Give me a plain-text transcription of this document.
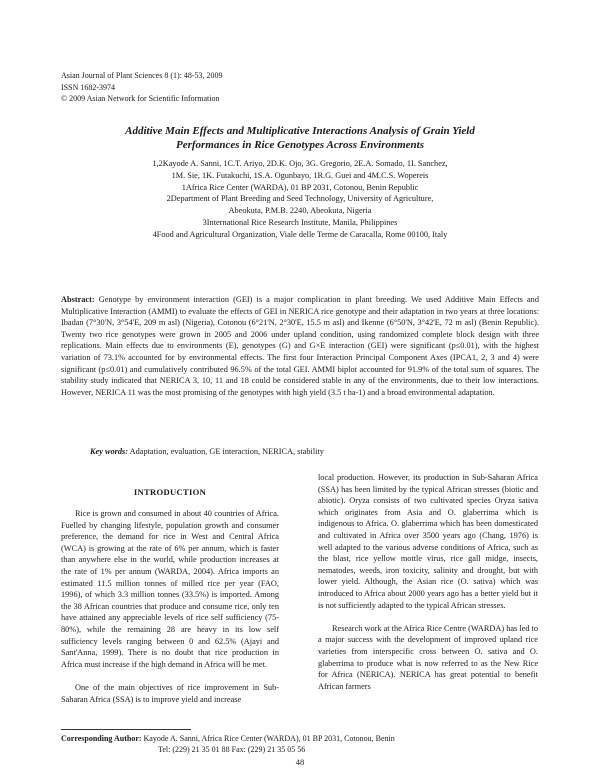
Asian Journal of Plant Sciences 8 (1): 48-53, 2009
ISSN 1682-3974
© 2009 Asian Network for Scientific Information
Additive Main Effects and Multiplicative Interactions Analysis of Grain Yield
Performances in Rice Genotypes Across Environments
1,2Kayode A. Sanni, 1C.T. Ariyo, 2D.K. Ojo, 3G. Gregorio, 2E.A. Somado, 1I. Sanchez,
1M. Sie, 1K. Futakuchi, 1S.A. Ogunbayo, 1R.G. Guei and 4M.C.S. Wopereis
1Africa Rice Center (WARDA), 01 BP 2031, Cotonou, Benin Republic
2Department of Plant Breeding and Seed Technology, University of Agriculture,
Abeokuta, P.M.B. 2240, Abeokuta, Nigeria
3International Rice Research Institute, Manila, Philippines
4Food and Agricultural Organization, Viale delle Terme de Caracalla, Rome 00100, Italy
Abstract: Genotype by environment interaction (GEI) is a major complication in plant breeding. We used Additive Main Effects and Multiplicative Interaction (AMMI) to evaluate the effects of GEI in NERICA rice genotype and their adaptation in two years at three locations: Ibadan (7°30'N, 3°54'E, 209 m asl) (Nigeria), Cotonou (6°21'N, 2°30'E, 15.5 m asl) and Ikenne (6°50'N, 3°42'E, 72 m asl) (Benin Republic). Twenty two rice genotypes were grown in 2005 and 2006 under upland condition, using randomized complete block design with three replications. Main effects due to environments (E), genotypes (G) and G×E interaction (GEI) were significant (p≤0.01), with the highest variation of 73.1% accounted for by environmental effects. The first four Interaction Principal Component Axes (IPCA1, 2, 3 and 4) were significant (p≤0.01) and cumulatively contributed 96.5% of the total GEI. AMMI biplot accounted for 91.9% of the total sum of squares. The stability study indicated that NERICA 3, 10, 11 and 18 could be considered stable in any of the environments, due to their low interactions. However, NERICA 11 was the most promising of the genotypes with high yield (3.5 t ha-1) and a broad environmental adaptation.
Key words: Adaptation, evaluation, GE interaction, NERICA, stability
INTRODUCTION

Rice is grown and consumed in about 40 countries of Africa. Fuelled by changing lifestyle, population growth and consumer preference, the demand for rice in West and Central Africa (WCA) is growing at the rate of 6% per annum, which is faster than anywhere else in the world, while production increases at the rate of 1% per annum (WARDA, 2004). Africa imports an estimated 11.5 million tonnes of milled rice per year (FAO, 1996), of which 3.3 million tonnes (33.5%) is imported. Among the 38 African countries that produce and consume rice, only ten have attained any appreciable levels of rice self sufficiency (75-80%), while the remaining 28 are heavy in its low self sufficiency levels ranging between 0 and 62.5% (Ajayi and Sant'Anna, 1999). There is no doubt that rice production in Africa must increase if the high demand in Africa will be met.

One of the main objectives of rice improvement in Sub-Saharan Africa (SSA) is to improve yield and increase

local production. However, its production in Sub-Saharan Africa (SSA) has been limited by the typical African stresses (biotic and abiotic). Oryza consists of two cultivated species Oryza sativa which originates from Asia and O. glaberrima which is indigenous to Africa. O. glaberrima which has been domesticated and cultivated in Africa over 3500 years ago (Chang, 1976) is well adapted to the various adverse conditions of Africa, such as the blast, rice yellow mottle virus, rice gall midge, insects, nematodes, weeds, iron toxicity, salinity and drought, but with lower yield. Although, the Asian rice (O. sativa) which was introduced to Africa about 2000 years ago has a better yield but it is not sufficiently adapted to the typical African stresses.

Research work at the Africa Rice Centre (WARDA) has led to a major success with the development of improved upland rice varieties from interspecific cross between O. sativa and O. glaberrima to produce what is now referred to as the New Rice for Africa (NERICA). NERICA has great potential to benefit African farmers

Corresponding Author: Kayode A. Sanni, Africa Rice Center (WARDA), 01 BP 2031, Cotonou, Benin
Tel: (229) 21 35 01 88 Fax: (229) 21 35 05 56
48
